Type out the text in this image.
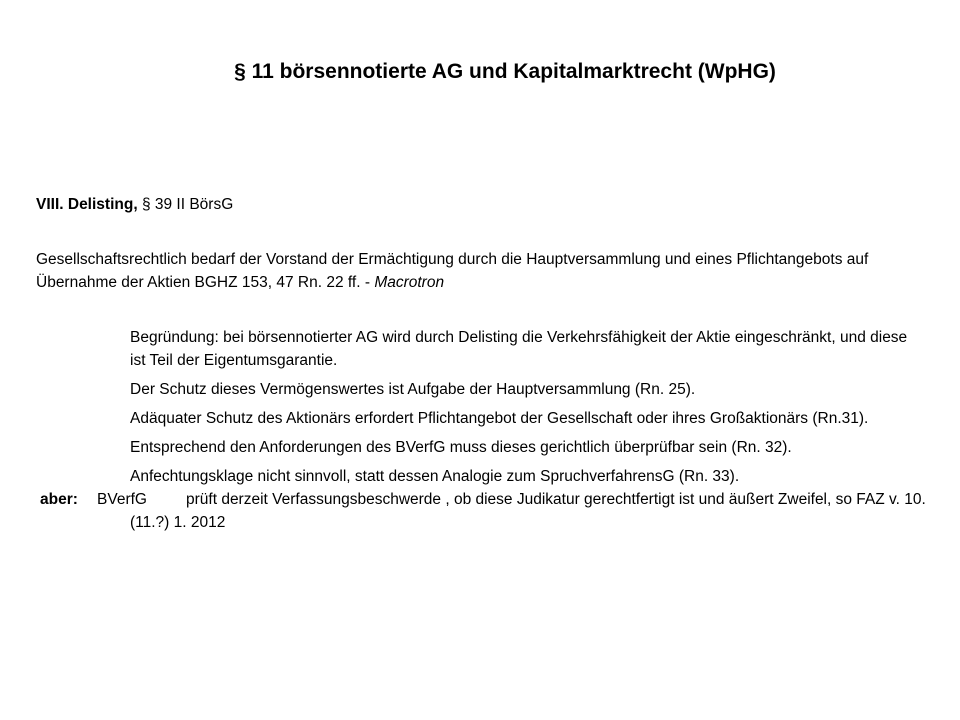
§ 11 börsennotierte AG und Kapitalmarktrecht (WpHG)

VIII. Delisting, § 39 II BörsG

Gesellschaftsrechtlich bedarf der Vorstand der Ermächtigung durch die Hauptversammlung und eines Pflichtangebots auf Übernahme der Aktien BGHZ 153, 47 Rn. 22 ff. - Macrotron
Begründung: bei börsennotierter AG wird durch Delisting die Verkehrsfähigkeit der Aktie eingeschränkt, und diese ist Teil der Eigentumsgarantie.
Der Schutz dieses Vermögenswertes ist Aufgabe der Hauptversammlung (Rn. 25).
Adäquater Schutz des Aktionärs erfordert Pflichtangebot der Gesellschaft oder ihres Großaktionärs (Rn.31).
Entsprechend den Anforderungen des BVerfG muss dieses gerichtlich überprüfbar sein (Rn. 32).
Anfechtungsklage nicht sinnvoll, statt dessen Analogie zum SpruchverfahrensG (Rn. 33).
aber: BVerfG	prüft derzeit Verfassungsbeschwerde , ob diese Judikatur gerechtfertigt ist und äußert Zweifel, so FAZ v. 10. (11.?) 1. 2012
